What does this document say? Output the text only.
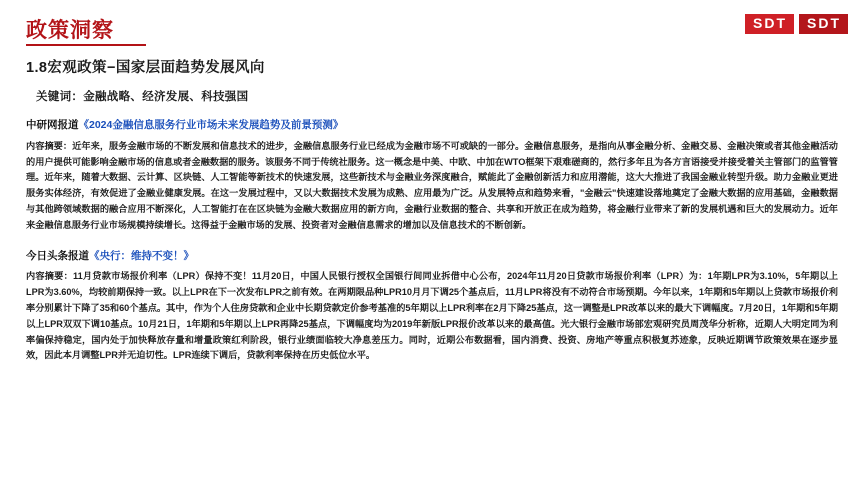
政策洞察	SDT	SDT
1.8宏观政策−国家层面趋势发展风向
关键词：金融战略、经济发展、科技强国
中研网报道《2024金融信息服务行业市场未来发展趋势及前景预测》
内容摘要：近年来，服务金融市场的不断发展和信息技术的进步，金融信息服务行业已经成为金融市场不可或缺的一部分。金融信息服务，是指向从事金融分析、金融交易、金融决策或者其他金融活动的用户提供可能影响金融市场的信息或者金融数据的服务。该服务不同于传统社服务。这一概念是中美、中欧、中加在WTO框架下艰难磋商的，然行多年且为各方言语接受并接受着关主管部门的监管管理。近年来，随着大数据、云计算、区块链、人工智能等新技术的快速发展，这些新技术与金融业务深度融合，赋能此了金融创新活力和应用潜能，这大大推进了我国金融业转型升级。助力金融业更进服务实体经济，有效促进了金融业健康发展。在这一发展过程中，又以大数据技术发展为成熟、应用最为广泛。从发展特点和趋势来看，"金融云"快速建设落地奠定了金融大数据的应用基础，金融数据与其他跨领域数据的融合应用不断深化，人工智能打在在区块链为金融大数据应用的新方向，金融行业数据的整合、共享和开放正在成为趋势，将金融行业带来了新的发展机遇和巨大的发展动力。近年来金融信息服务行业市场规模持续增长。这得益于金融市场的发展、投资者对金融信息需求的增加以及信息技术的不断创新。
今日头条报道《央行：维持不变！》
内容摘要：11月贷款市场报价利率（LPR）保持不变！11月20日，中国人民银行授权全国银行间同业拆借中心公布，2024年11月20日贷款市场报价利率（LPR）为：1年期LPR为3.10%，5年期以上LPR为3.60%，均较前期保持一致。以上LPR在下一次发布LPR之前有效。在两期限品种LPR10月月下调25个基点后，11月LPR将没有不动符合市场预期。今年以来，1年期和5年期以上贷款市场报价利率分别累计下降了35和60个基点。其中，作为个人住房贷款和企业中长期贷款定价参考基准的5年期以上LPR利率在2月下降25基点，这一调整是LPR改革以来的最大下调幅度。7月20日，1年期和5年期以上LPR双双下调10基点。10月21日，1年期和5年期以上LPR再降25基点，下调幅度均为2019年新版LPR报价改革以来的最高值。光大银行金融市场部宏观研究员周茂华分析称，近期人大明定同为利率偏保持稳定，国内处于加快释放存量和增量政策红利阶段，银行业绩面临较大净息差压力。同时，近期公布数据看，国内消费、投资、房地产等重点积极复苏迹象，反映近期调节政策效果在逐步显效，因此本月调整LPR并无迫切性。LPR连续下调后，贷款利率保持在历史低位水平。
